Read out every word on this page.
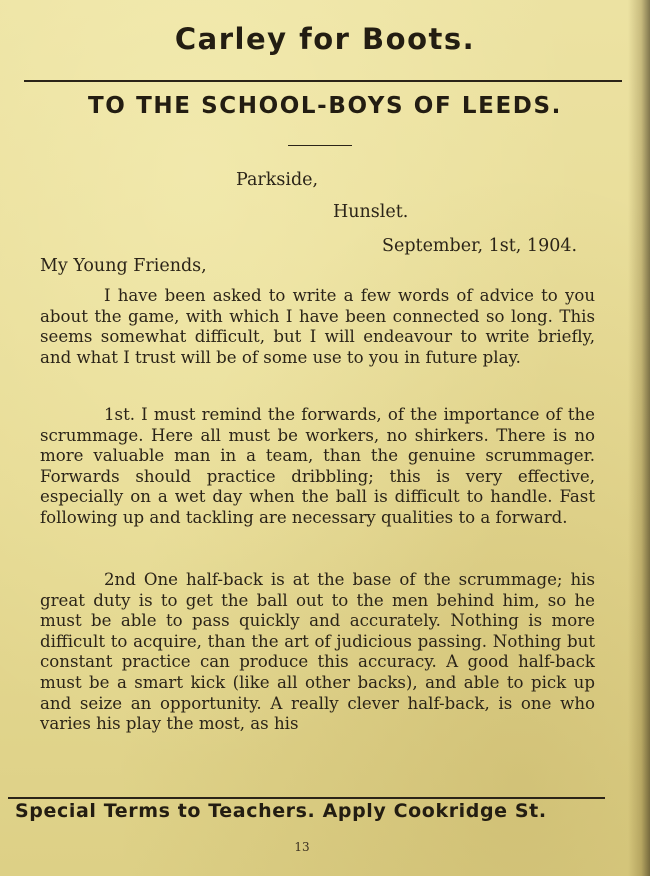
Carley for Boots.
TO THE SCHOOL-BOYS OF LEEDS.
Parkside,
Hunslet.
September, 1st, 1904.
My Young Friends,

I have been asked to write a few words of advice to you about the game, with which I have been connected so long. This seems somewhat difficult, but I will endeavour to write briefly, and what I trust will be of some use to you in future play.

1st. I must remind the forwards, of the importance of the scrummage. Here all must be workers, no shirkers. There is no more valuable man in a team, than the genuine scrummager. Forwards should practice dribbling; this is very effective, especially on a wet day when the ball is difficult to handle. Fast following up and tackling are necessary qualities to a forward.

2nd One half-back is at the base of the scrummage; his great duty is to get the ball out to the men behind him, so he must be able to pass quickly and accurately. Nothing is more difficult to acquire, than the art of judicious passing. Nothing but constant practice can produce this accuracy. A good half-back must be a smart kick (like all other backs), and able to pick up and seize an opportunity. A really clever half-back, is one who varies his play the most, as his

Special Terms to Teachers. Apply Cookridge St.
13
